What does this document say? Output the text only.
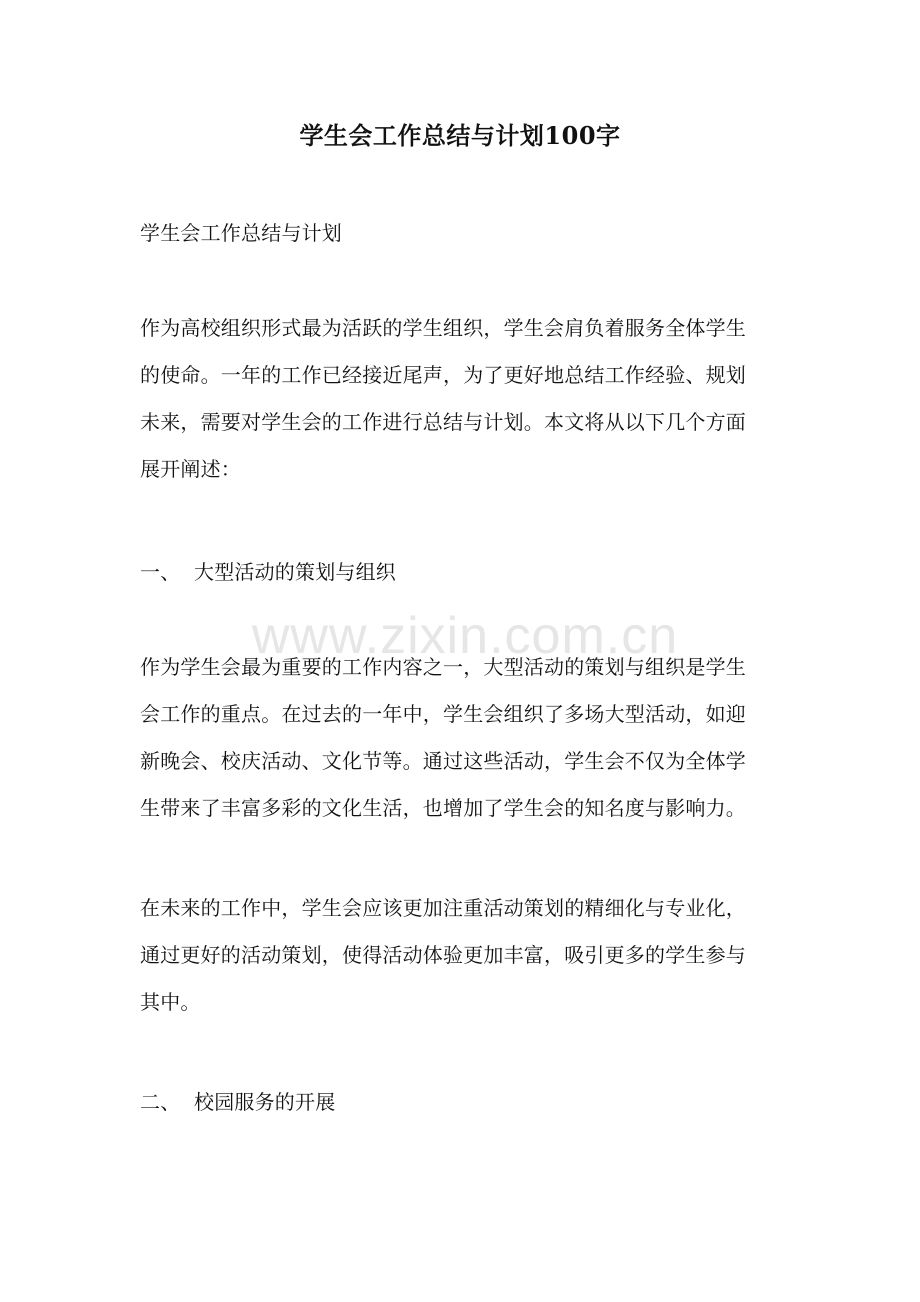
www.zixin.com.cn
学生会工作总结与计划100字
学生会工作总结与计划
作为高校组织形式最为活跃的学生组织，学生会肩负着服务全体学生
的使命。一年的工作已经接近尾声，为了更好地总结工作经验、规划
未来，需要对学生会的工作进行总结与计划。本文将从以下几个方面
展开阐述：
一、 大型活动的策划与组织
作为学生会最为重要的工作内容之一，大型活动的策划与组织是学生
会工作的重点。在过去的一年中，学生会组织了多场大型活动，如迎
新晚会、校庆活动、文化节等。通过这些活动，学生会不仅为全体学
生带来了丰富多彩的文化生活，也增加了学生会的知名度与影响力。
在未来的工作中，学生会应该更加注重活动策划的精细化与专业化，
通过更好的活动策划，使得活动体验更加丰富，吸引更多的学生参与
其中。
二、 校园服务的开展
